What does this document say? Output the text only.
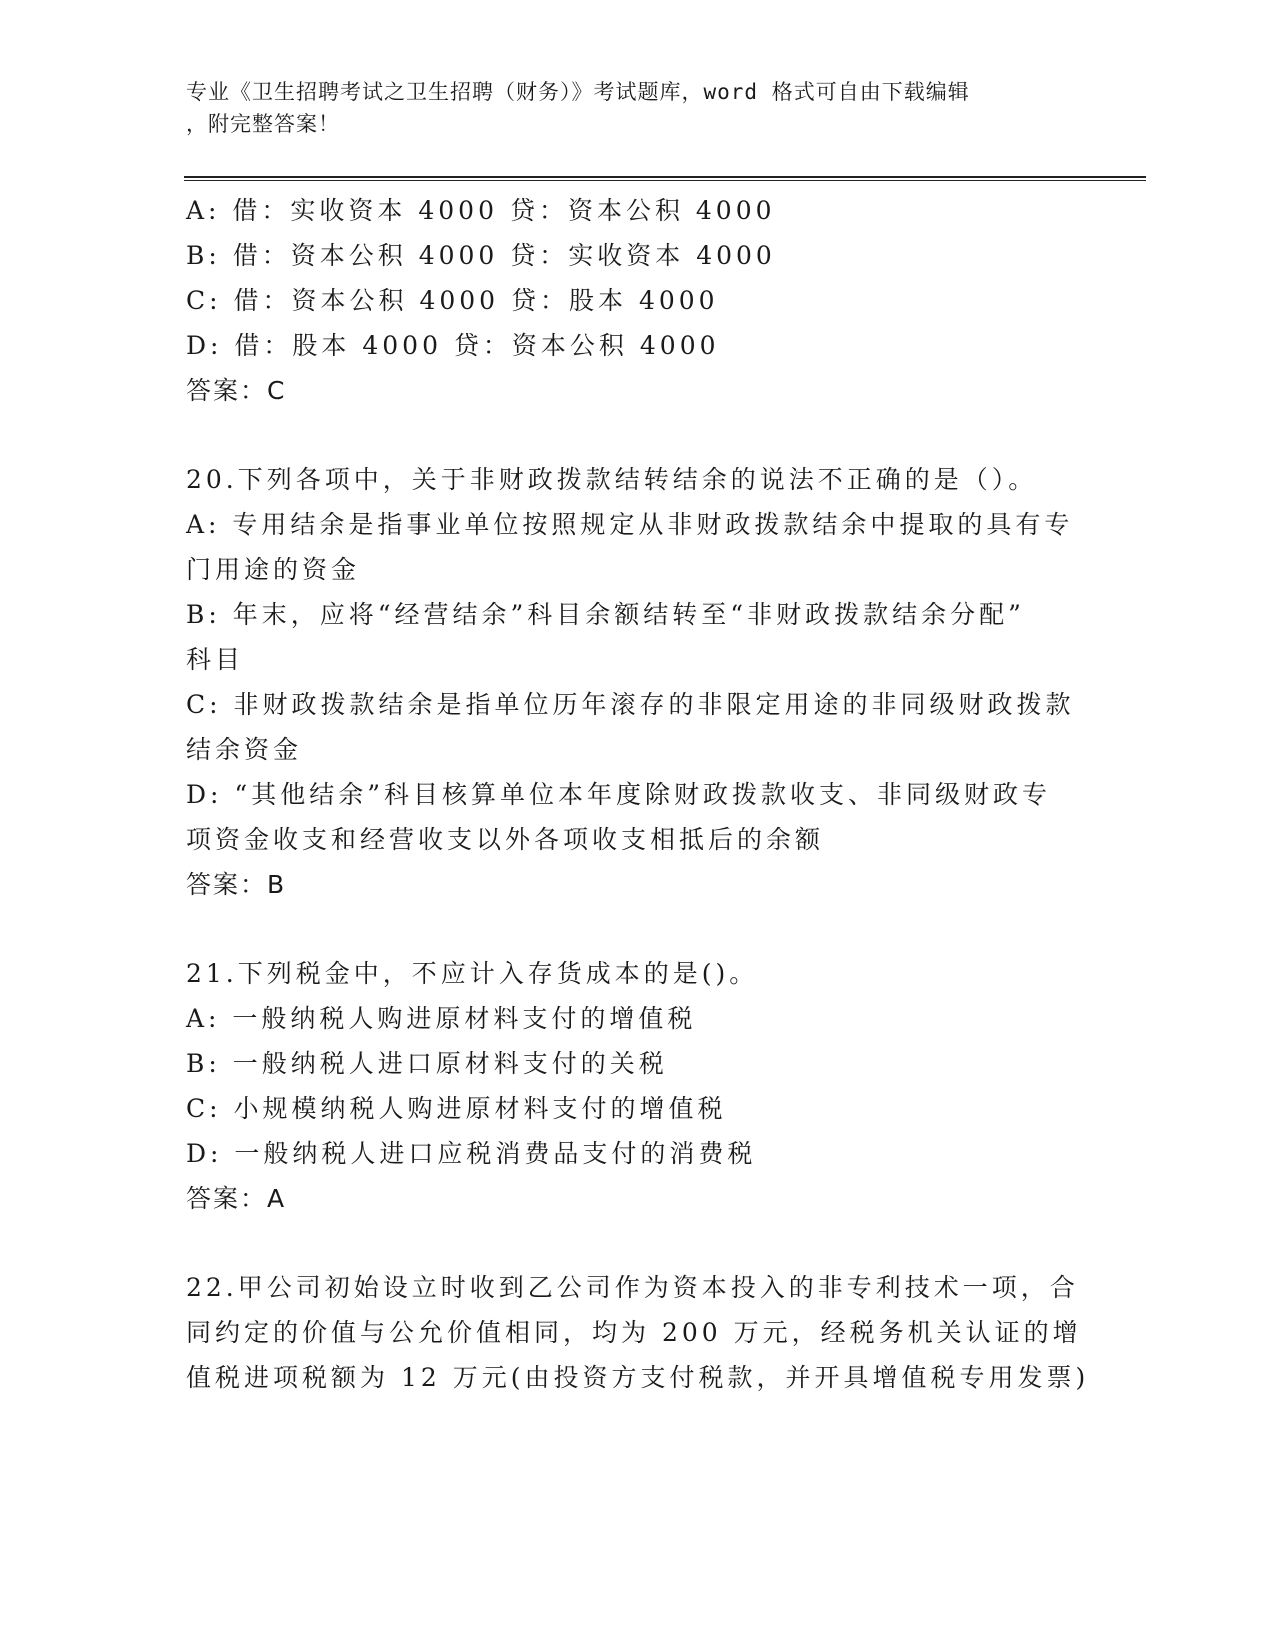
专业《卫生招聘考试之卫生招聘（财务）》考试题库，word 格式可自由下载编辑
，附完整答案！
A: 借：实收资本 4000 贷：资本公积 4000
B: 借：资本公积 4000 贷：实收资本 4000
C: 借：资本公积 4000 贷：股本 4000
D: 借：股本 4000 贷：资本公积 4000
答案：C
20.下列各项中，关于非财政拨款结转结余的说法不正确的是（）。
A: 专用结余是指事业单位按照规定从非财政拨款结余中提取的具有专
门用途的资金
B: 年末，应将“经营结余”科目余额结转至“非财政拨款结余分配”
科目
C: 非财政拨款结余是指单位历年滚存的非限定用途的非同级财政拨款
结余资金
D: “其他结余”科目核算单位本年度除财政拨款收支、非同级财政专
项资金收支和经营收支以外各项收支相抵后的余额
答案：B
21.下列税金中，不应计入存货成本的是()。
A: 一般纳税人购进原材料支付的增值税
B: 一般纳税人进口原材料支付的关税
C: 小规模纳税人购进原材料支付的增值税
D: 一般纳税人进口应税消费品支付的消费税
答案：A
22.甲公司初始设立时收到乙公司作为资本投入的非专利技术一项，合
同约定的价值与公允价值相同，均为 200 万元，经税务机关认证的增
值税进项税额为 12 万元(由投资方支付税款，并开具增值税专用发票)
